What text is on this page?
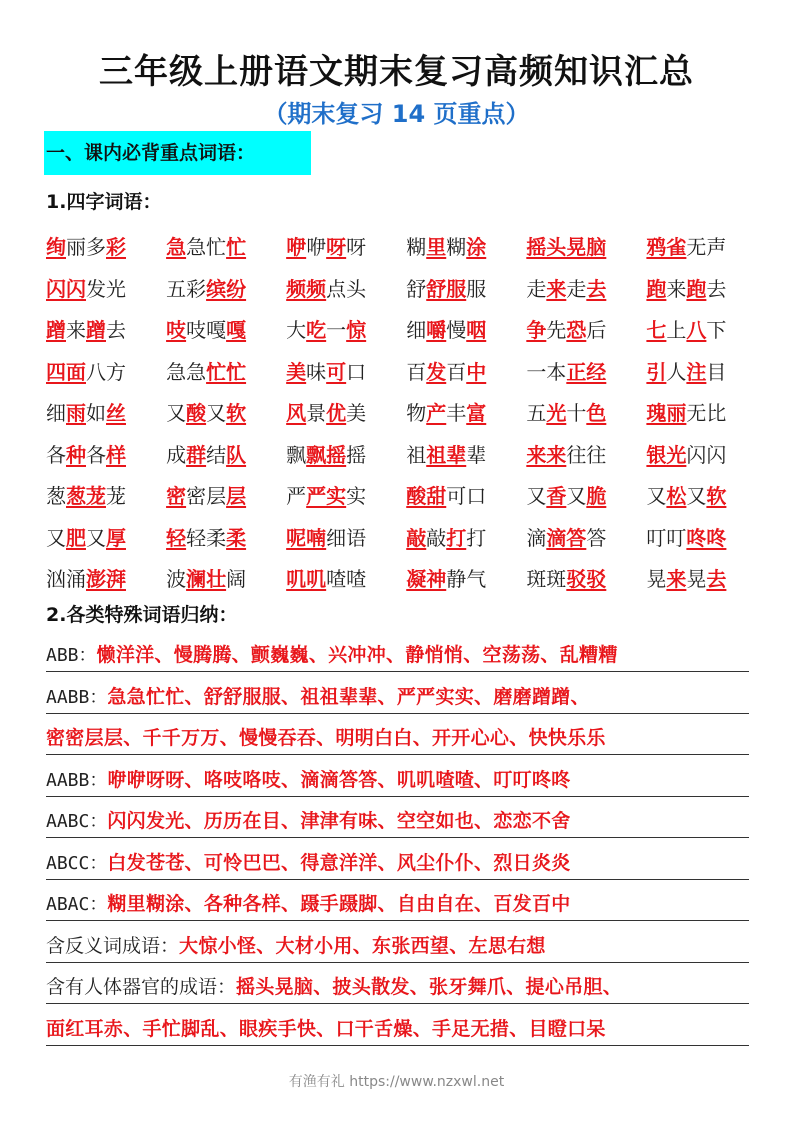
三年级上册语文期末复习高频知识汇总
（期末复习 14 页重点）
一、课内必背重点词语：
1.四字词语：
绚丽多彩	急急忙忙	咿咿呀呀	糊里糊涂	摇头晃脑	鸦雀无声
闪闪发光	五彩缤纷	频频点头	舒舒服服	走来走去	跑来跑去
蹭来蹭去	吱吱嘎嘎	大吃一惊	细嚼慢咽	争先恐后	七上八下
四面八方	急急忙忙	美味可口	百发百中	一本正经	引人注目
细雨如丝	又酸又软	风景优美	物产丰富	五光十色	瑰丽无比
各种各样	成群结队	飘飘摇摇	祖祖辈辈	来来往往	银光闪闪
葱葱茏茏	密密层层	严严实实	酸甜可口	又香又脆	又松又软
又肥又厚	轻轻柔柔	呢喃细语	敲敲打打	滴滴答答	叮叮咚咚
汹涌澎湃	波澜壮阔	叽叽喳喳	凝神静气	斑斑驳驳	晃来晃去
2.各类特殊词语归纳：
ABB：懒洋洋、慢腾腾、颤巍巍、兴冲冲、静悄悄、空荡荡、乱糟糟
AABB：急急忙忙、舒舒服服、祖祖辈辈、严严实实、磨磨蹭蹭、
密密层层、千千万万、慢慢吞吞、明明白白、开开心心、快快乐乐
AABB：咿咿呀呀、咯吱咯吱、滴滴答答、叽叽喳喳、叮叮咚咚
AABC：闪闪发光、历历在目、津津有味、空空如也、恋恋不舍
ABCC：白发苍苍、可怜巴巴、得意洋洋、风尘仆仆、烈日炎炎
ABAC：糊里糊涂、各种各样、蹑手蹑脚、自由自在、百发百中
含反义词成语：大惊小怪、大材小用、东张西望、左思右想
含有人体器官的成语：摇头晃脑、披头散发、张牙舞爪、提心吊胆、
面红耳赤、手忙脚乱、眼疾手快、口干舌燥、手足无措、目瞪口呆
有渔有礼 https://www.nzxwl.net
